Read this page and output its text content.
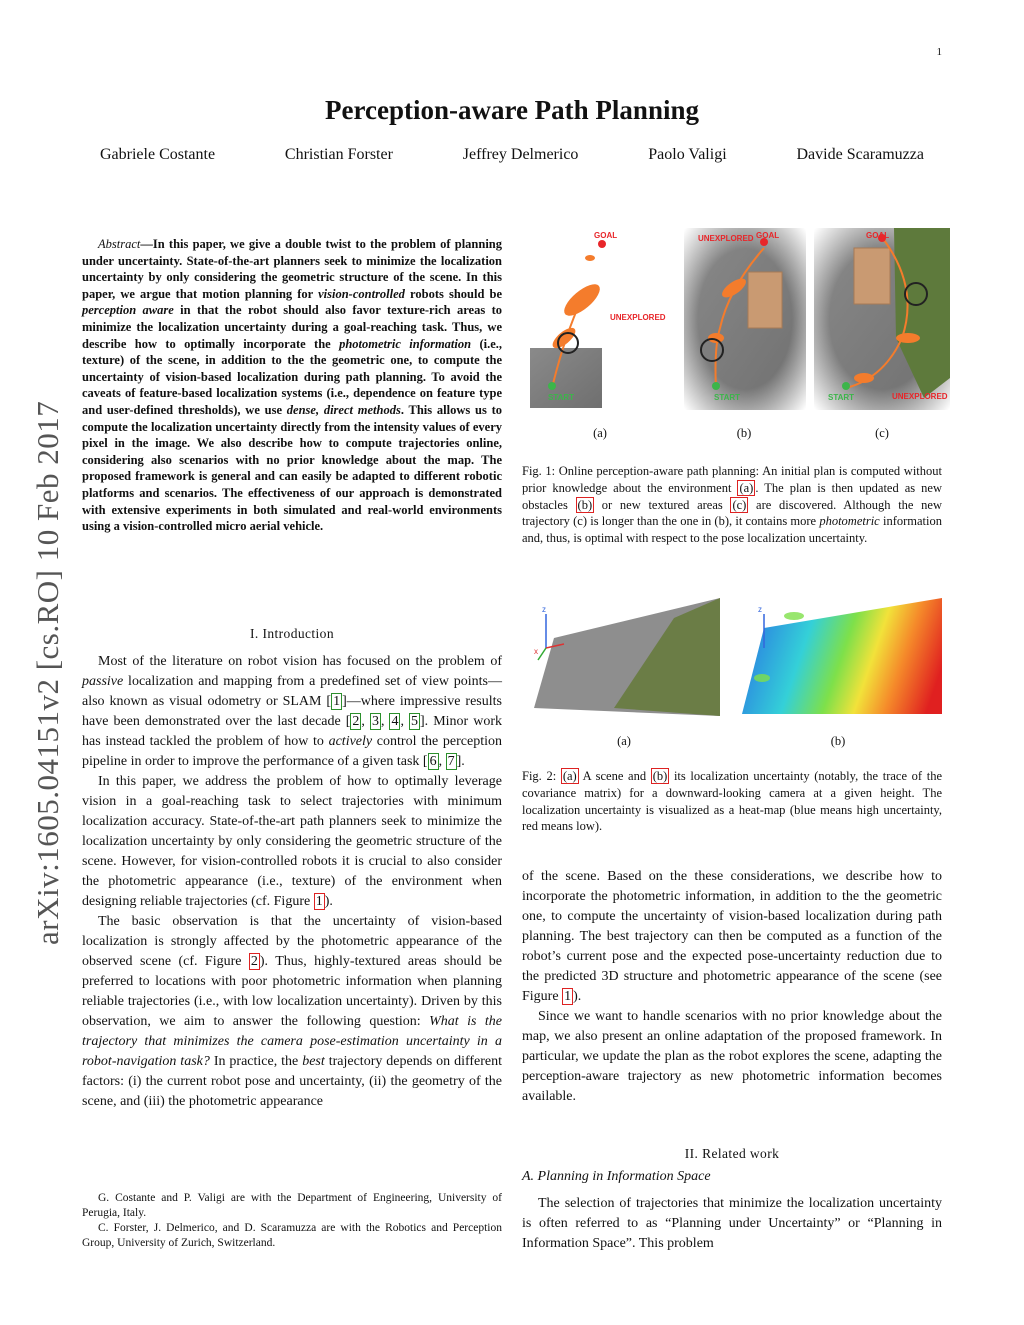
1
arXiv:1605.04151v2 [cs.RO] 10 Feb 2017
Perception-aware Path Planning
Gabriele Costante	Christian Forster	Jeffrey Delmerico	Paolo Valigi	Davide Scaramuzza
Abstract—In this paper, we give a double twist to the problem of planning under uncertainty. State-of-the-art planners seek to minimize the localization uncertainty by only considering the geometric structure of the scene. In this paper, we argue that motion planning for vision-controlled robots should be perception aware in that the robot should also favor texture-rich areas to minimize the localization uncertainty during a goal-reaching task. Thus, we describe how to optimally incorporate the photometric information (i.e., texture) of the scene, in addition to the the geometric one, to compute the uncertainty of vision-based localization during path planning. To avoid the caveats of feature-based localization systems (i.e., dependence on feature type and user-defined thresholds), we use dense, direct methods. This allows us to compute the localization uncertainty directly from the intensity values of every pixel in the image. We also describe how to compute trajectories online, considering also scenarios with no prior knowledge about the map. The proposed framework is general and can easily be adapted to different robotic platforms and scenarios. The effectiveness of our approach is demonstrated with extensive experiments in both simulated and real-world environments using a vision-controlled micro aerial vehicle.
I. Introduction

Most of the literature on robot vision has focused on the problem of passive localization and mapping from a predefined set of view points—also known as visual odometry or SLAM [ 1 ]—where impressive results have been demonstrated over the last decade [ 2 , 3 , 4 , 5 ]. Minor work has instead tackled the problem of how to actively control the perception pipeline in order to improve the performance of a given task [ 6 , 7 ].

In this paper, we address the problem of how to optimally leverage vision in a goal-reaching task to select trajectories with minimum localization accuracy. State-of-the-art path planners seek to minimize the localization uncertainty by only considering the geometric structure of the scene. However, for vision-controlled robots it is crucial to also consider the photometric appearance (i.e., texture) of the environment when designing reliable trajectories (cf. Figure 1 ).

The basic observation is that the uncertainty of vision-based localization is strongly affected by the photometric appearance of the observed scene (cf. Figure 2 ). Thus, highly-textured areas should be preferred to locations with poor photometric information when planning reliable trajectories (i.e., with low localization uncertainty). Driven by this observation, we aim to answer the following question: What is the trajectory that minimizes the camera pose-estimation uncertainty in a robot-navigation task? In practice, the best trajectory depends on different factors: (i) the current robot pose and uncertainty, (ii) the geometry of the scene, and (iii) the photometric appearance

G. Costante and P. Valigi are with the Department of Engineering, University of Perugia, Italy.

C. Forster, J. Delmerico, and D. Scaramuzza are with the Robotics and Perception Group, University of Zurich, Switzerland.

GOAL
UNEXPLORED
START
UNEXPLORED GOAL
START
GOAL
START	UNEXPLORED
(a)	(b)	(c)
Fig. 1: Online perception-aware path planning: An initial plan is computed without prior knowledge about the environment (a) . The plan is then updated as new obstacles (b) or new textured areas (c) are discovered. Although the new trajectory (c) is longer than the one in (b), it contains more photometric information and, thus, is optimal with respect to the pose localization uncertainty.
z
x
z
(a)	(b)
Fig. 2: (a) A scene and (b) its localization uncertainty (notably, the trace of the covariance matrix) for a downward-looking camera at a given height. The localization uncertainty is visualized as a heat-map (blue means high uncertainty, red means low).

of the scene. Based on the these considerations, we describe how to incorporate the photometric information, in addition to the the geometric one, to compute the uncertainty of vision-based localization during path planning. The best trajectory can then be computed as a function of the robot’s current pose and the expected pose-uncertainty reduction due to the predicted 3D structure and photometric appearance of the scene (see Figure 1 ).

Since we want to handle scenarios with no prior knowledge about the map, we also present an online adaptation of the proposed framework. In particular, we update the plan as the robot explores the scene, adapting the perception-aware trajectory as new photometric information becomes available.

II. Related work
A. Planning in Information Space

The selection of trajectories that minimize the localization uncertainty is often referred to as “Planning under Uncertainty” or “Planning in Information Space”. This problem
